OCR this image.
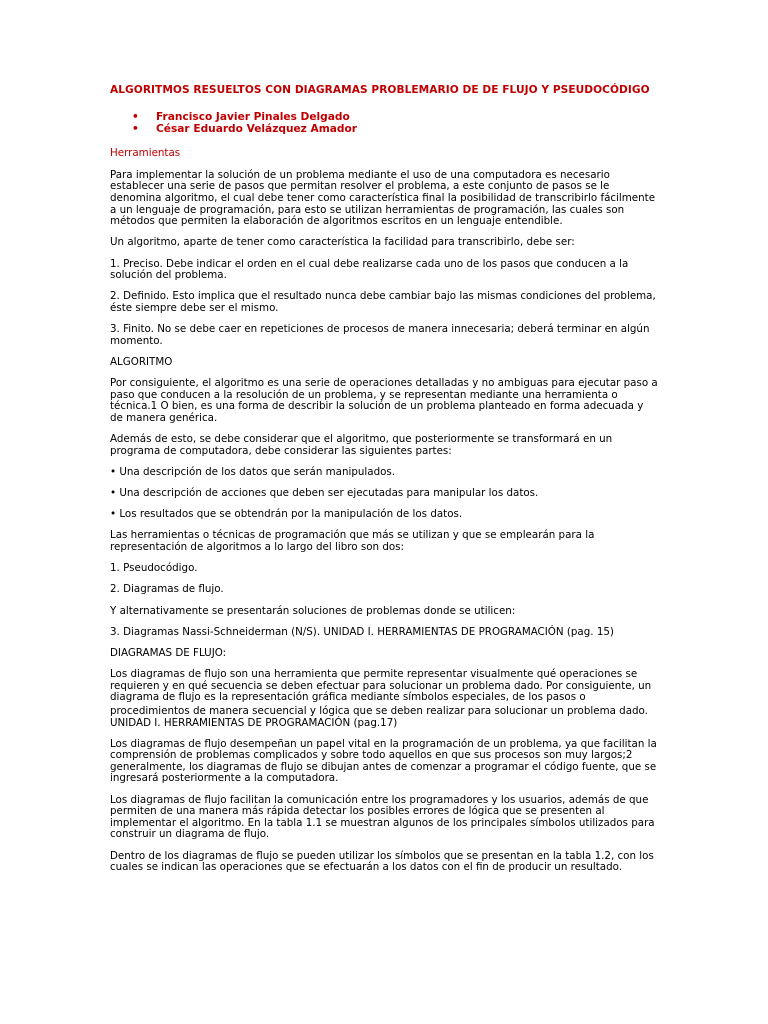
ALGORITMOS RESUELTOS CON DIAGRAMAS PROBLEMARIO DE DE FLUJO Y PSEUDOCÓDIGO
• Francisco Javier Pinales Delgado
• César Eduardo Velázquez Amador
Herramientas

Para implementar la solución de un problema mediante el uso de una computadora es necesario establecer una serie de pasos que permitan resolver el problema, a este conjunto de pasos se le denomina algoritmo, el cual debe tener como característica final la posibilidad de transcribirlo fácilmente a un lenguaje de programación, para esto se utilizan herramientas de programación, las cuales son métodos que permiten la elaboración de algoritmos escritos en un lenguaje entendible.

Un algoritmo, aparte de tener como característica la facilidad para transcribirlo, debe ser:

1. Preciso. Debe indicar el orden en el cual debe realizarse cada uno de los pasos que conducen a la solución del problema.

2. Definido. Esto implica que el resultado nunca debe cambiar bajo las mismas condiciones del problema, éste siempre debe ser el mismo.

3. Finito. No se debe caer en repeticiones de procesos de manera innecesaria; deberá terminar en algún momento.

ALGORITMO

Por consiguiente, el algoritmo es una serie de operaciones detalladas y no ambiguas para ejecutar paso a paso que conducen a la resolución de un problema, y se representan mediante una herramienta o técnica.1 O bien, es una forma de describir la solución de un problema planteado en forma adecuada y de manera genérica.

Además de esto, se debe considerar que el algoritmo, que posteriormente se transformará en un programa de computadora, debe considerar las siguientes partes:

• Una descripción de los datos que serán manipulados.

• Una descripción de acciones que deben ser ejecutadas para manipular los datos.

• Los resultados que se obtendrán por la manipulación de los datos.

Las herramientas o técnicas de programación que más se utilizan y que se emplearán para la representación de algoritmos a lo largo del libro son dos:

1. Pseudocódigo.

2. Diagramas de flujo.

Y alternativamente se presentarán soluciones de problemas donde se utilicen:

3. Diagramas Nassi-Schneiderman (N/S). UNIDAD I. HERRAMIENTAS DE PROGRAMACIÓN (pag. 15)

DIAGRAMAS DE FLUJO:

Los diagramas de flujo son una herramienta que permite representar visualmente qué operaciones se requieren y en qué secuencia se deben efectuar para solucionar un problema dado. Por consiguiente, un diagrama de flujo es la representación gráfica mediante símbolos especiales, de los pasos o

procedimientos de manera secuencial y lógica que se deben realizar para solucionar un problema dado. UNIDAD I. HERRAMIENTAS DE PROGRAMACIÓN (pag.17)

Los diagramas de flujo desempeñan un papel vital en la programación de un problema, ya que facilitan la comprensión de problemas complicados y sobre todo aquellos en que sus procesos son muy largos;2 generalmente, los diagramas de flujo se dibujan antes de comenzar a programar el código fuente, que se ingresará posteriormente a la computadora.

Los diagramas de flujo facilitan la comunicación entre los programadores y los usuarios, además de que permiten de una manera más rápida detectar los posibles errores de lógica que se presenten al implementar el algoritmo. En la tabla 1.1 se muestran algunos de los principales símbolos utilizados para construir un diagrama de flujo.

Dentro de los diagramas de flujo se pueden utilizar los símbolos que se presentan en la tabla 1.2, con los cuales se indican las operaciones que se efectuarán a los datos con el fin de producir un resultado.
